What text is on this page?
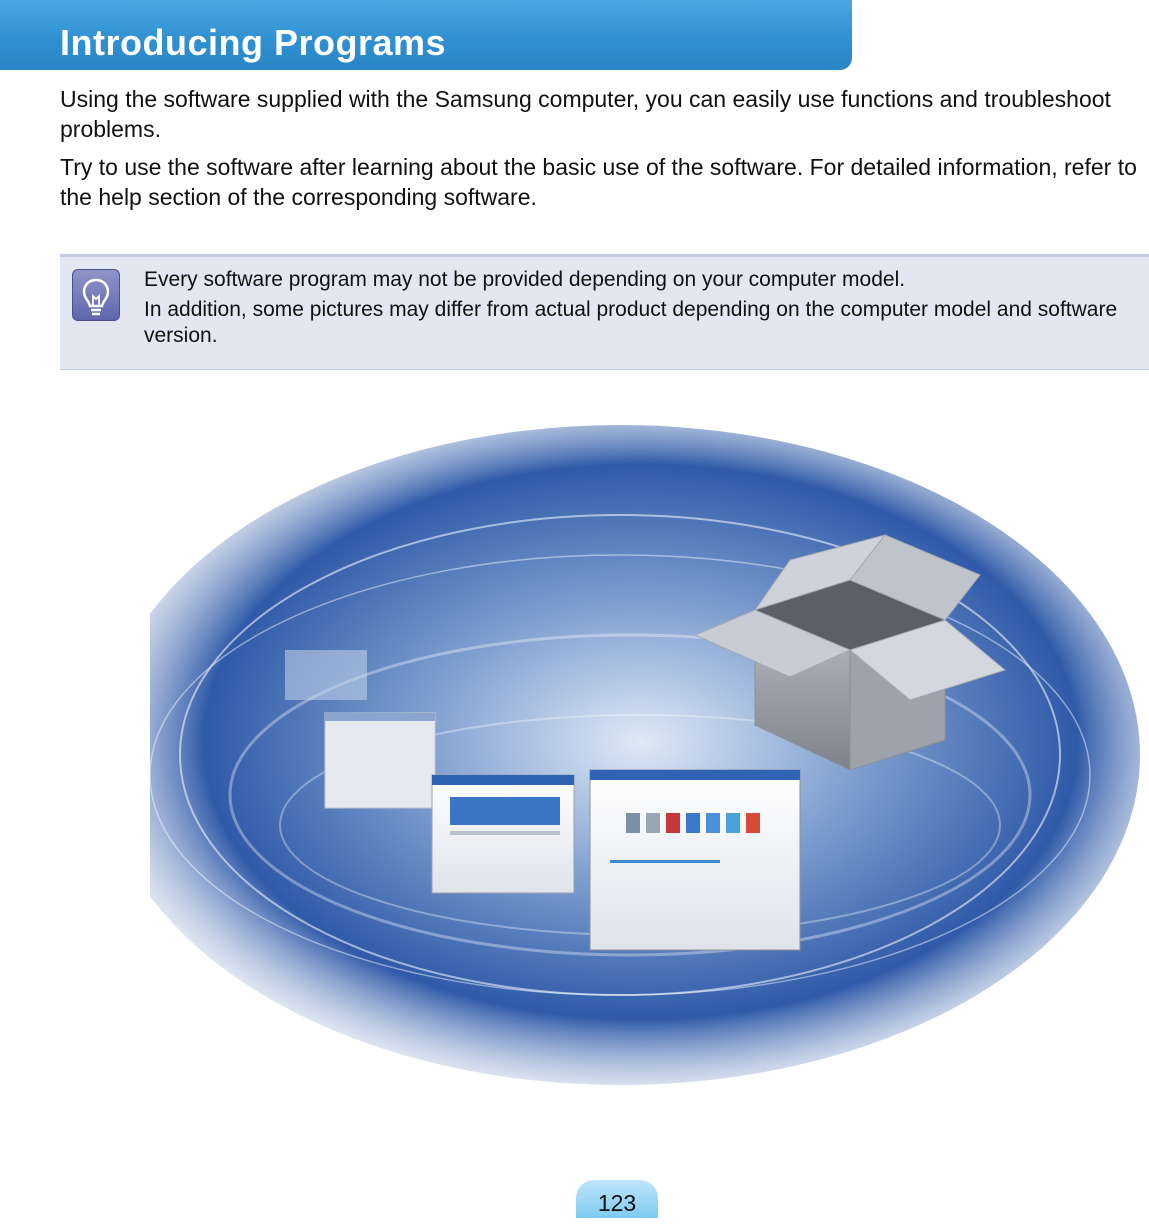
Introducing Programs

Using the software supplied with the Samsung computer, you can easily use functions and troubleshoot problems.

Try to use the software after learning about the basic use of the software. For detailed information, refer to the help section of the corresponding software.

Every software program may not be provided depending on your computer model.

In addition, some pictures may differ from actual product depending on the computer model and software version.

123
